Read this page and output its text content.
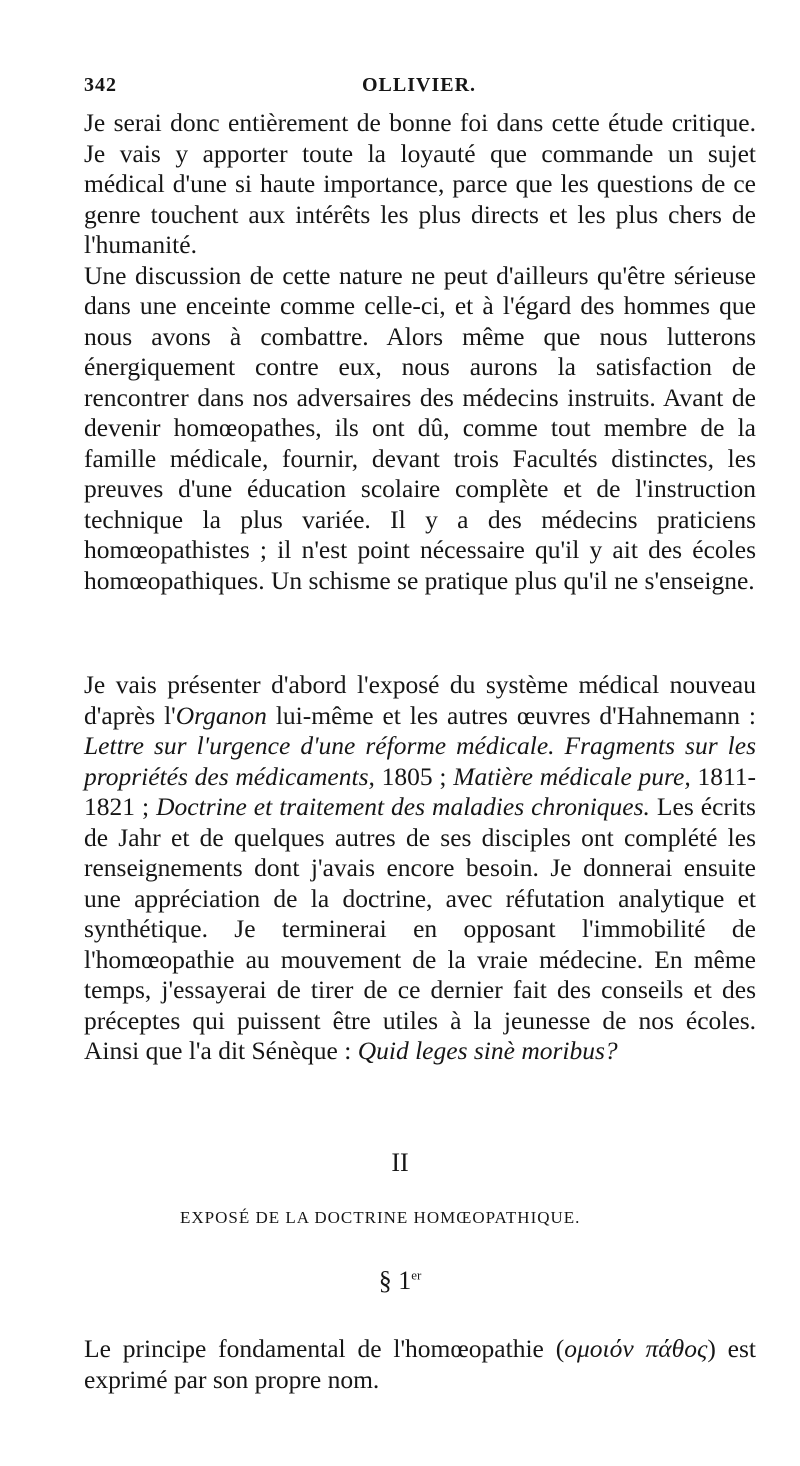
342	OLLIVIER.

Je serai donc entièrement de bonne foi dans cette étude critique. Je vais y apporter toute la loyauté que commande un sujet médical d'une si haute importance, parce que les questions de ce genre touchent aux intérêts les plus directs et les plus chers de l'humanité.

Une discussion de cette nature ne peut d'ailleurs qu'être sérieuse dans une enceinte comme celle-ci, et à l'égard des hommes que nous avons à combattre. Alors même que nous lutterons énergiquement contre eux, nous aurons la satisfaction de rencontrer dans nos adversaires des médecins instruits. Avant de devenir homœopathes, ils ont dû, comme tout membre de la famille médicale, fournir, devant trois Facultés distinctes, les preuves d'une éducation scolaire complète et de l'instruction technique la plus variée. Il y a des médecins praticiens homœopathistes ; il n'est point nécessaire qu'il y ait des écoles homœopathiques. Un schisme se pratique plus qu'il ne s'enseigne.

Je vais présenter d'abord l'exposé du système médical nouveau d'après l'Organon lui-même et les autres œuvres d'Hahnemann : Lettre sur l'urgence d'une réforme médicale. Fragments sur les propriétés des médicaments, 1805 ; Matière médicale pure, 1811-1821 ; Doctrine et traitement des maladies chroniques. Les écrits de Jahr et de quelques autres de ses disciples ont complété les renseignements dont j'avais encore besoin. Je donnerai ensuite une appréciation de la doctrine, avec réfutation analytique et synthétique. Je terminerai en opposant l'immobilité de l'homœopathie au mouvement de la vraie médecine. En même temps, j'essayerai de tirer de ce dernier fait des conseils et des préceptes qui puissent être utiles à la jeunesse de nos écoles. Ainsi que l'a dit Sénèque : Quid leges sinè moribus?

II
EXPOSÉ DE LA DOCTRINE HOMŒOPATHIQUE.
§ 1er

Le principe fondamental de l'homœopathie (ομοιόν πάθος) est exprimé par son propre nom.
